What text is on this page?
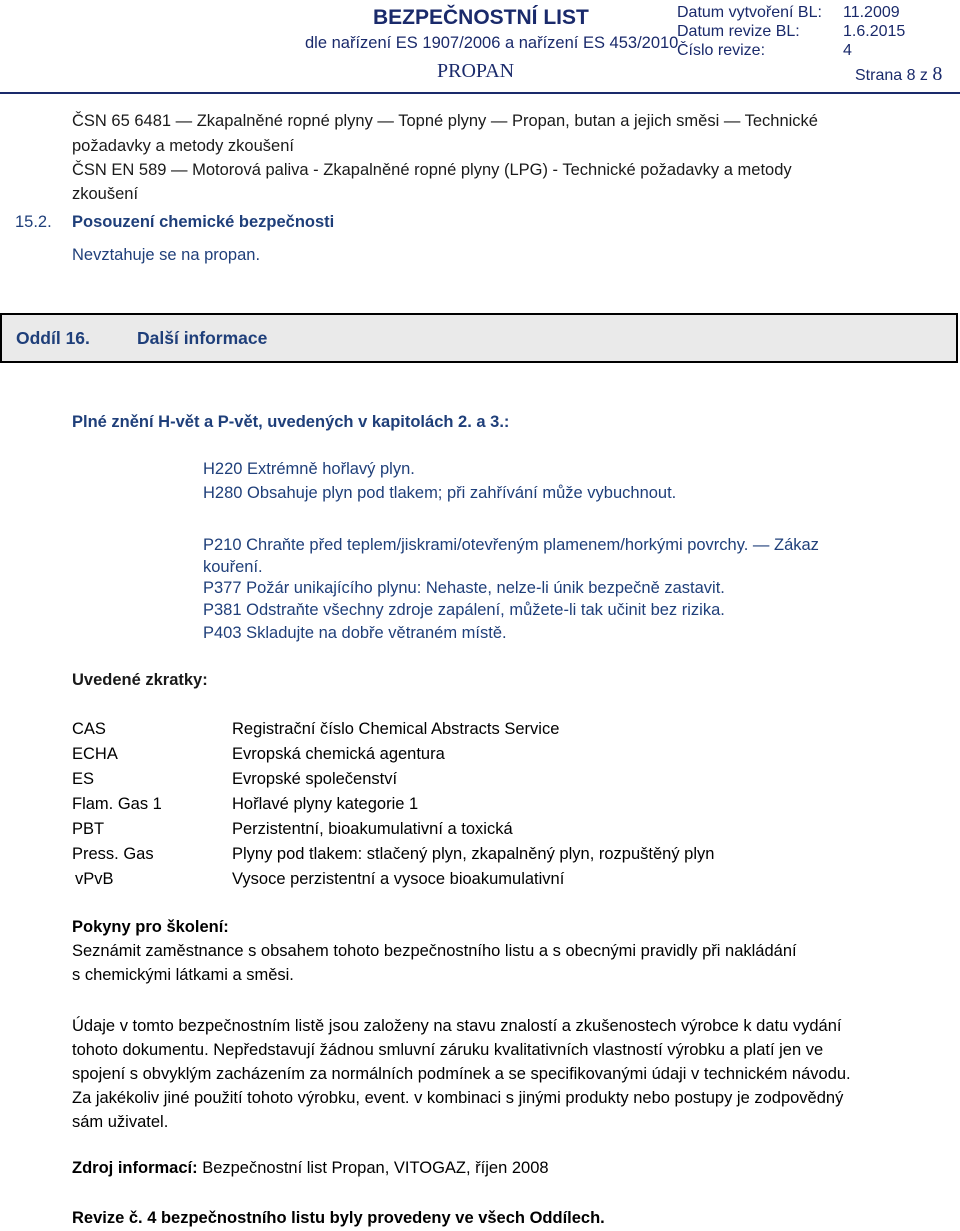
BEZPEČNOSTNÍ LIST
dle nařízení ES 1907/2006 a nařízení ES 453/2010
Datum vytvoření BL: 11.2009
Datum revize BL:	1.6.2015
Číslo revize:	4
PROPAN	Strana 8 z 8
ČSN 65 6481 — Zkapalněné ropné plyny — Topné plyny — Propan, butan a jejich směsi — Technické
požadavky a metody zkoušení
ČSN EN 589 — Motorová paliva - Zkapalněné ropné plyny (LPG) - Technické požadavky a metody
zkoušení
15.2. Posouzení chemické bezpečnosti
Nevztahuje se na propan.
Oddíl 16.	Další informace
Plné znění H-vět a P-vět, uvedených v kapitolách 2. a 3.:
H220 Extrémně hořlavý plyn.
H280 Obsahuje plyn pod tlakem; při zahřívání může vybuchnout.
P210 Chraňte před teplem/jiskrami/otevřeným plamenem/horkými povrchy. — Zákaz
kouření.
P377 Požár unikajícího plynu: Nehaste, nelze-li únik bezpečně zastavit.
P381 Odstraňte všechny zdroje zapálení, můžete-li tak učinit bez rizika.
P403 Skladujte na dobře větraném místě.
Uvedené zkratky:
CAS	Registrační číslo Chemical Abstracts Service
ECHA	Evropská chemická agentura
ES	Evropské společenství
Flam. Gas 1	Hořlavé plyny kategorie 1
PBT	Perzistentní, bioakumulativní a toxická
Press. Gas	Plyny pod tlakem: stlačený plyn, zkapalněný plyn, rozpuštěný plyn
vPvB	Vysoce perzistentní a vysoce bioakumulativní
Pokyny pro školení:
Seznámit zaměstnance s obsahem tohoto bezpečnostního listu a s obecnými pravidly při nakládání
s chemickými látkami a směsi.
Údaje v tomto bezpečnostním listě jsou založeny na stavu znalostí a zkušenostech výrobce k datu vydání
tohoto dokumentu. Nepředstavují žádnou smluvní záruku kvalitativních vlastností výrobku a platí jen ve
spojení s obvyklým zacházením za normálních podmínek a se specifikovanými údaji v technickém návodu.
Za jakékoliv jiné použití tohoto výrobku, event. v kombinaci s jinými produkty nebo postupy je zodpovědný
sám uživatel.
Zdroj informací: Bezpečnostní list Propan, VITOGAZ, říjen 2008
Revize č. 4 bezpečnostního listu byly provedeny ve všech Oddílech.
